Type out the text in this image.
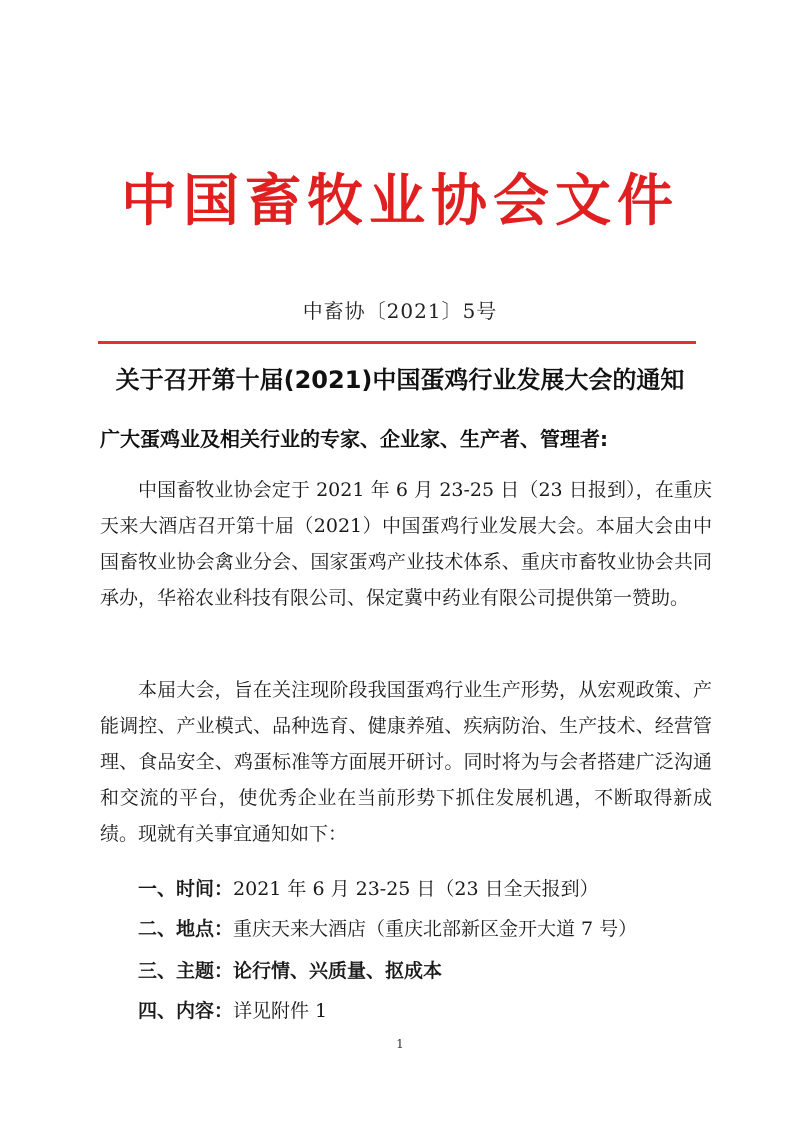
中国畜牧业协会文件
中畜协〔2021〕5号
关于召开第十届(2021)中国蛋鸡行业发展大会的通知
广大蛋鸡业及相关行业的专家、企业家、生产者、管理者:
中国畜牧业协会定于 2021 年 6 月 23-25 日（23 日报到），在重庆天来大酒店召开第十届（2021）中国蛋鸡行业发展大会。本届大会由中国畜牧业协会禽业分会、国家蛋鸡产业技术体系、重庆市畜牧业协会共同承办，华裕农业科技有限公司、保定冀中药业有限公司提供第一赞助。
本届大会，旨在关注现阶段我国蛋鸡行业生产形势，从宏观政策、产能调控、产业模式、品种选育、健康养殖、疾病防治、生产技术、经营管理、食品安全、鸡蛋标准等方面展开研讨。同时将为与会者搭建广泛沟通和交流的平台，使优秀企业在当前形势下抓住发展机遇，不断取得新成绩。现就有关事宜通知如下：
一、时间：2021 年 6 月 23-25 日（23 日全天报到）
二、地点：重庆天来大酒店（重庆北部新区金开大道 7 号）
三、主题：论行情、兴质量、抠成本
四、内容：详见附件 1
1
